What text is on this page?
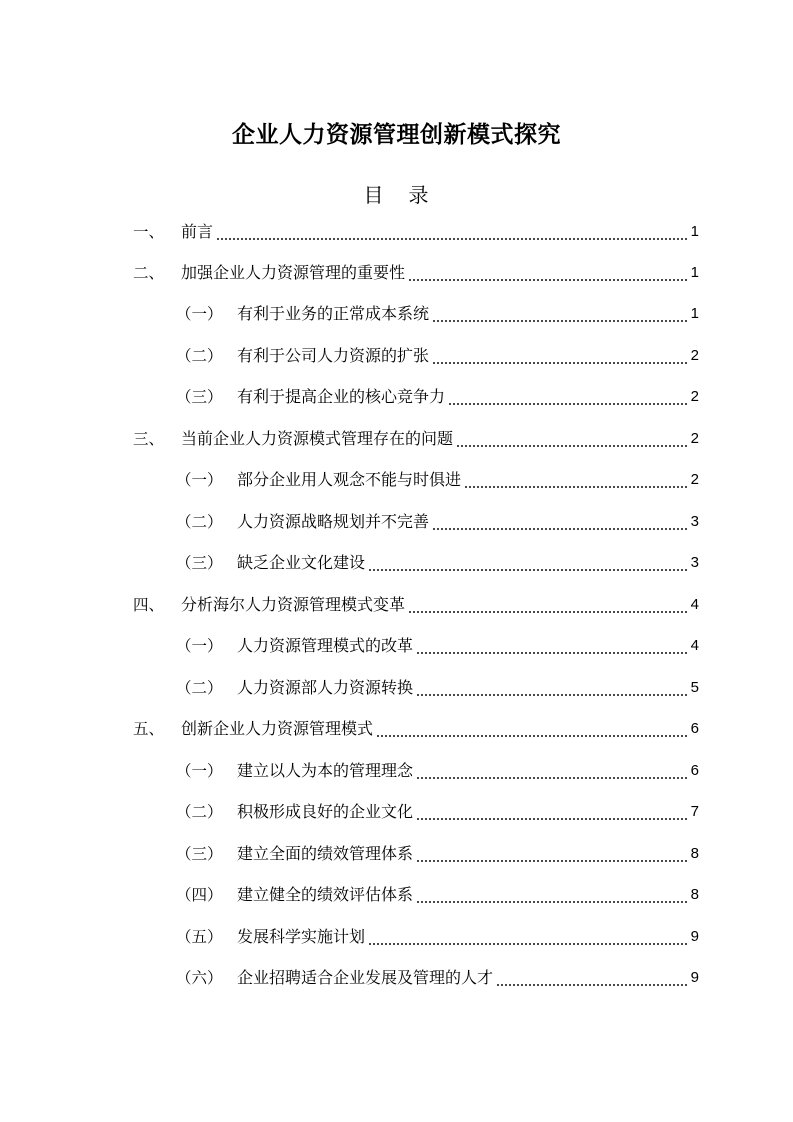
企业人力资源管理创新模式探究
目 录
一、	前言	1
二、	加强企业人力资源管理的重要性	1
（一） 有利于业务的正常成本系统	1
（二） 有利于公司人力资源的扩张	2
（三） 有利于提高企业的核心竞争力	2
三、	当前企业人力资源模式管理存在的问题	2
（一） 部分企业用人观念不能与时俱进	2
（二） 人力资源战略规划并不完善	3
（三） 缺乏企业文化建设	3
四、	分析海尔人力资源管理模式变革	4
（一） 人力资源管理模式的改革	4
（二） 人力资源部人力资源转换	5
五、	创新企业人力资源管理模式	6
（一） 建立以人为本的管理理念	6
（二） 积极形成良好的企业文化	7
（三） 建立全面的绩效管理体系	8
（四） 建立健全的绩效评估体系	8
（五） 发展科学实施计划	9
（六） 企业招聘适合企业发展及管理的人才	9
